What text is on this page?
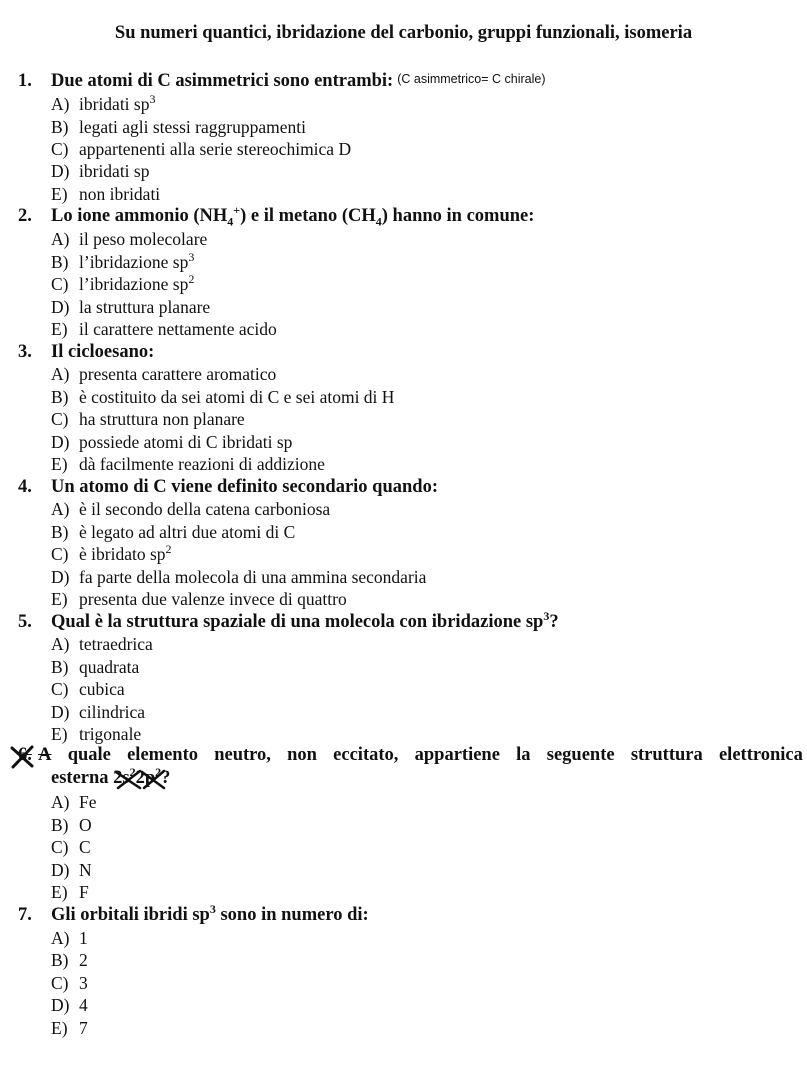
Su numeri quantici, ibridazione del carbonio, gruppi funzionali, isomeria
1. Due atomi di C asimmetrici sono entrambi: (C asimmetrico= C chirale)
A) ibridati $sp^3$
B) legati agli stessi raggruppamenti
C) appartenenti alla serie stereochimica D
D) ibridati sp
E) non ibridati
2. Lo ione ammonio $(NH_4^+)$ e il metano $(CH_4)$ hanno in comune:
A) il peso molecolare
B) l’ibridazione $sp^3$
C) l’ibridazione $sp^2$
D) la struttura planare
E) il carattere nettamente acido
3. Il cicloesano:
A) presenta carattere aromatico
B) è costituito da sei atomi di C e sei atomi di H
C) ha struttura non planare
D) possiede atomi di C ibridati sp
E) dà facilmente reazioni di addizione
4. Un atomo di C viene definito secondario quando:
A) è il secondo della catena carboniosa
B) è legato ad altri due atomi di C
C) è ibridato $sp^2$
D) fa parte della molecola di una ammina secondaria
E) presenta due valenze invece di quattro
5. Qual è la struttura spaziale di una molecola con ibridazione $sp^3$?
A) tetraedrica
B) quadrata
C) cubica
D) cilindrica
E) trigonale
6. A quale elemento neutro, non eccitato, appartiene la seguente struttura elettronica
esterna $2s^22p^2$?
A) Fe
B) O
C) C
D) N
E) F
7. Gli orbitali ibridi $sp^3$ sono in numero di:
A) 1
B) 2
C) 3
D) 4
E) 7
